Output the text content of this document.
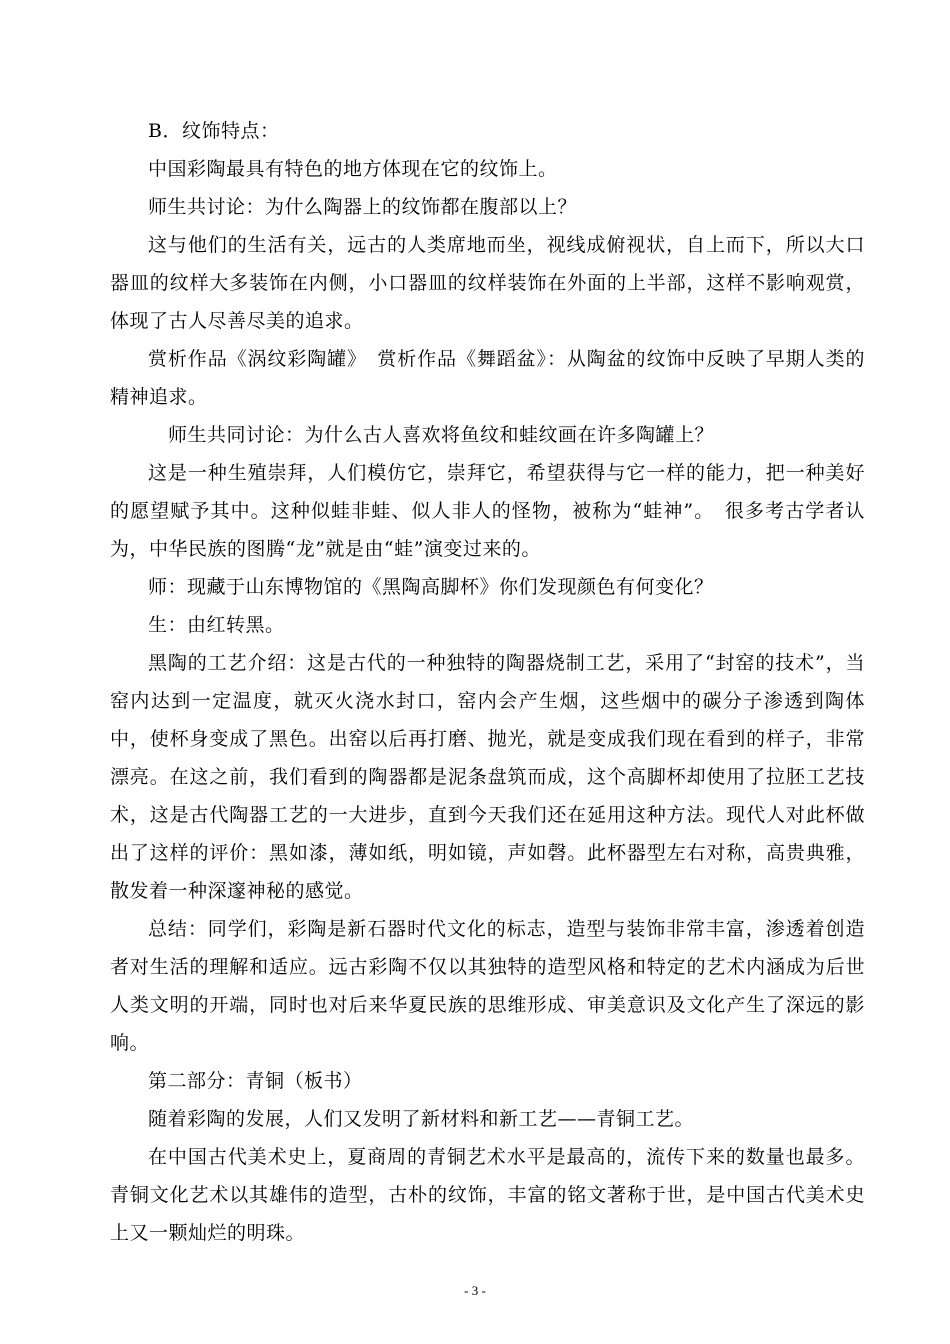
B．纹饰特点：

中国彩陶最具有特色的地方体现在它的纹饰上。

师生共讨论：为什么陶器上的纹饰都在腹部以上？

这与他们的生活有关，远古的人类席地而坐，视线成俯视状，自上而下，所以大口器皿的纹样大多装饰在内侧，小口器皿的纹样装饰在外面的上半部，这样不影响观赏，体现了古人尽善尽美的追求。

赏析作品《涡纹彩陶罐》　赏析作品《舞蹈盆》：从陶盆的纹饰中反映了早期人类的精神追求。

师生共同讨论：为什么古人喜欢将鱼纹和蛙纹画在许多陶罐上？

这是一种生殖崇拜，人们模仿它，崇拜它，希望获得与它一样的能力，把一种美好的愿望赋予其中。这种似蛙非蛙、似人非人的怪物，被称为“蛙神”。　很多考古学者认为，中华民族的图腾“龙”就是由“蛙”演变过来的。

师：现藏于山东博物馆的《黑陶高脚杯》你们发现颜色有何变化？

生：由红转黑。

黑陶的工艺介绍：这是古代的一种独特的陶器烧制工艺，采用了“封窑的技术”，当窑内达到一定温度，就灭火浇水封口，窑内会产生烟，这些烟中的碳分子渗透到陶体中，使杯身变成了黑色。出窑以后再打磨、抛光，就是变成我们现在看到的样子，非常漂亮。在这之前，我们看到的陶器都是泥条盘筑而成，这个高脚杯却使用了拉胚工艺技术，这是古代陶器工艺的一大进步，直到今天我们还在延用这种方法。现代人对此杯做出了这样的评价：黑如漆，薄如纸，明如镜，声如磬。此杯器型左右对称，高贵典雅，散发着一种深邃神秘的感觉。

总结：同学们，彩陶是新石器时代文化的标志，造型与装饰非常丰富，渗透着创造者对生活的理解和适应。远古彩陶不仅以其独特的造型风格和特定的艺术内涵成为后世人类文明的开端，同时也对后来华夏民族的思维形成、审美意识及文化产生了深远的影响。

第二部分：青铜（板书）

随着彩陶的发展，人们又发明了新材料和新工艺——青铜工艺。

在中国古代美术史上，夏商周的青铜艺术水平是最高的，流传下来的数量也最多。青铜文化艺术以其雄伟的造型，古朴的纹饰，丰富的铭文著称于世，是中国古代美术史上又一颗灿烂的明珠。

- 3 -
